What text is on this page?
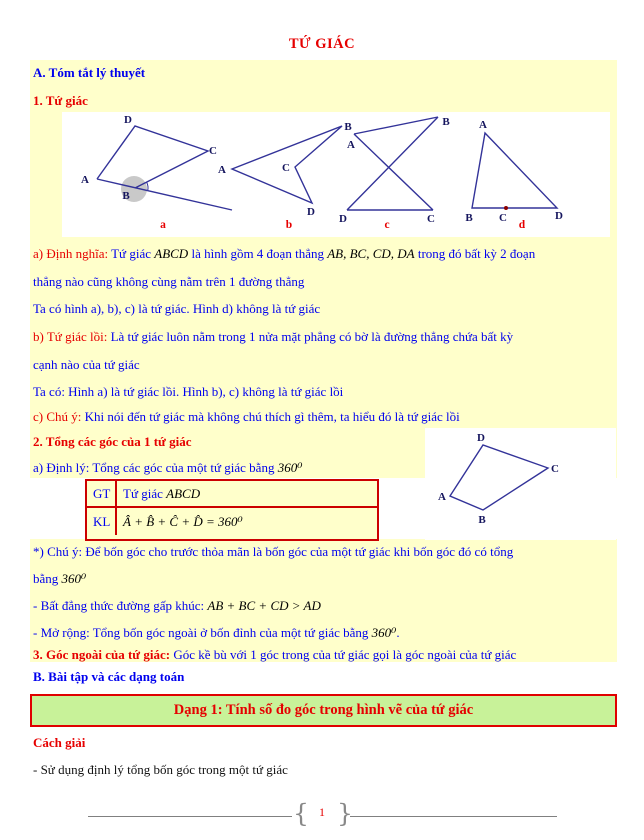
TỨ GIÁC
A. Tóm tắt lý thuyết
1. Tứ giác
D
A
B
C
a
A
B
C
D
b
A
B
C
D	c
A
B C	D
d
a) Định nghĩa: Tứ giác ABCD là hình gồm 4 đoạn thẳng AB, BC, CD, DA trong đó bất kỳ 2 đoạn
thẳng nào cũng không cùng nằm trên 1 đường thẳng
Ta có hình a), b), c) là tứ giác. Hình d) không là tứ giác
b) Tứ giác lồi: Là tứ giác luôn nằm trong 1 nửa mặt phẳng có bờ là đường thẳng chứa bất kỳ
cạnh nào của tứ giác
Ta có: Hình a) là tứ giác lồi. Hình b), c) không là tứ giác lồi
c) Chú ý: Khi nói đến tứ giác mà không chú thích gì thêm, ta hiểu đó là tứ giác lồi
2. Tổng các góc của 1 tứ giác
a) Định lý: Tổng các góc của một tứ giác bằng 360⁰
D
C
A
B
GT Tứ giác
ABCD
KL Â + B̂ + Ĉ + D̂ = 360⁰
*) Chú ý: Để bốn góc cho trước thỏa mãn là bốn góc của một tứ giác khi bốn góc đó có tổng
bằng 360⁰
- Bất đẳng thức đường gấp khúc: AB + BC + CD > AD
- Mở rộng: Tổng bốn góc ngoài ở bốn đỉnh của một tứ giác bằng 360⁰.
3. Góc ngoài của tứ giác: Góc kề bù với 1 góc trong của tứ giác gọi là góc ngoài của tứ giác
B. Bài tập và các dạng toán
Dạng 1: Tính số đo góc trong hình vẽ của tứ giác
Cách giải
- Sử dụng định lý tổng bốn góc trong một tứ giác
{ 1 }
